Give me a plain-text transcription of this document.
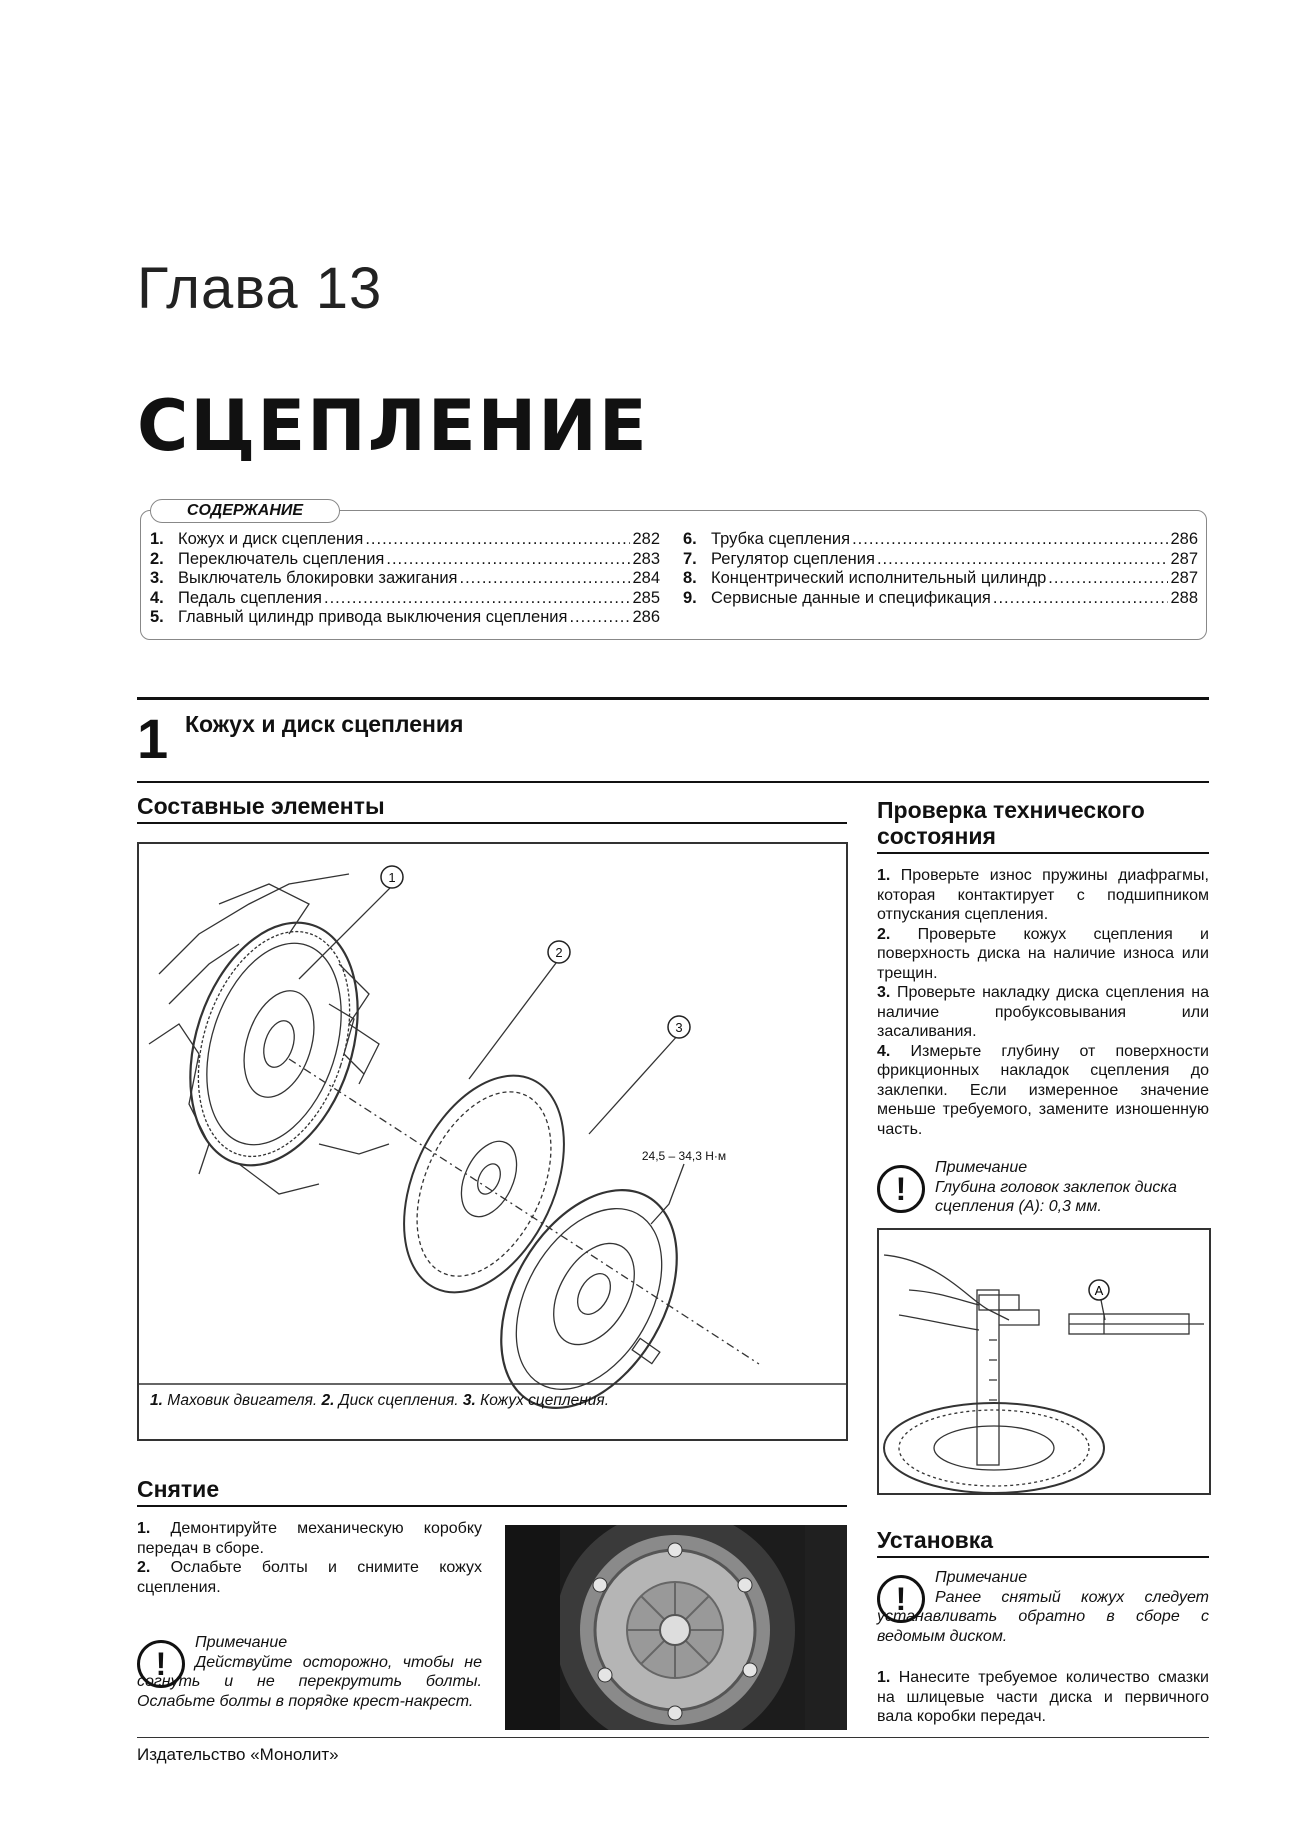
Глава 13
СЦЕПЛЕНИЕ
СОДЕРЖАНИЕ
1. Кожух и диск сцепления .....	282
2. Переключатель сцепления .....	283
3. Выключатель блокировки зажигания .....	284
4. Педаль сцепления .....	285
5. Главный цилиндр привода выключения сцепления .....	286
6. Трубка сцепления .....	286
7. Регулятор сцепления .....	287
8. Концентрический исполнительный цилиндр .....	287
9. Сервисные данные и спецификация .....	288
1 Кожух и диск сцепления
Составные элементы
1
2
3
24,5 – 34,3 Н·м
1. Маховик двигателя. 2. Диск сцепления. 3. Кожух сцепления.
Снятие
1. Демонтируйте механическую коробку передач в сборе.
2. Ослабьте болты и снимите кожух сцепления.
!
Примечание
Действуйте осторожно, чтобы не согнуть и не перекрутить болты. Ослабьте болты в порядке крест-накрест.
Проверка технического состояния
1. Проверьте износ пружины диафрагмы, которая контактирует с подшипником отпускания сцепления.
2. Проверьте кожух сцепления и поверхность диска на наличие износа или трещин.
3. Проверьте накладку диска сцепления на наличие пробуксовывания или засаливания.
4. Измерьте глубину от поверхности фрикционных накладок сцепления до заклепки. Если измеренное значение меньше требуемого, замените изношенную часть.
!
Примечание
Глубина головок заклепок диска сцепления (A): 0,3 мм.
A
Установка
!
Примечание
Ранее снятый кожух следует устанавливать обратно в сборе с ведомым диском.
1. Нанесите требуемое количество смазки на шлицевые части диска и первичного вала коробки передач.
Издательство «Монолит»
